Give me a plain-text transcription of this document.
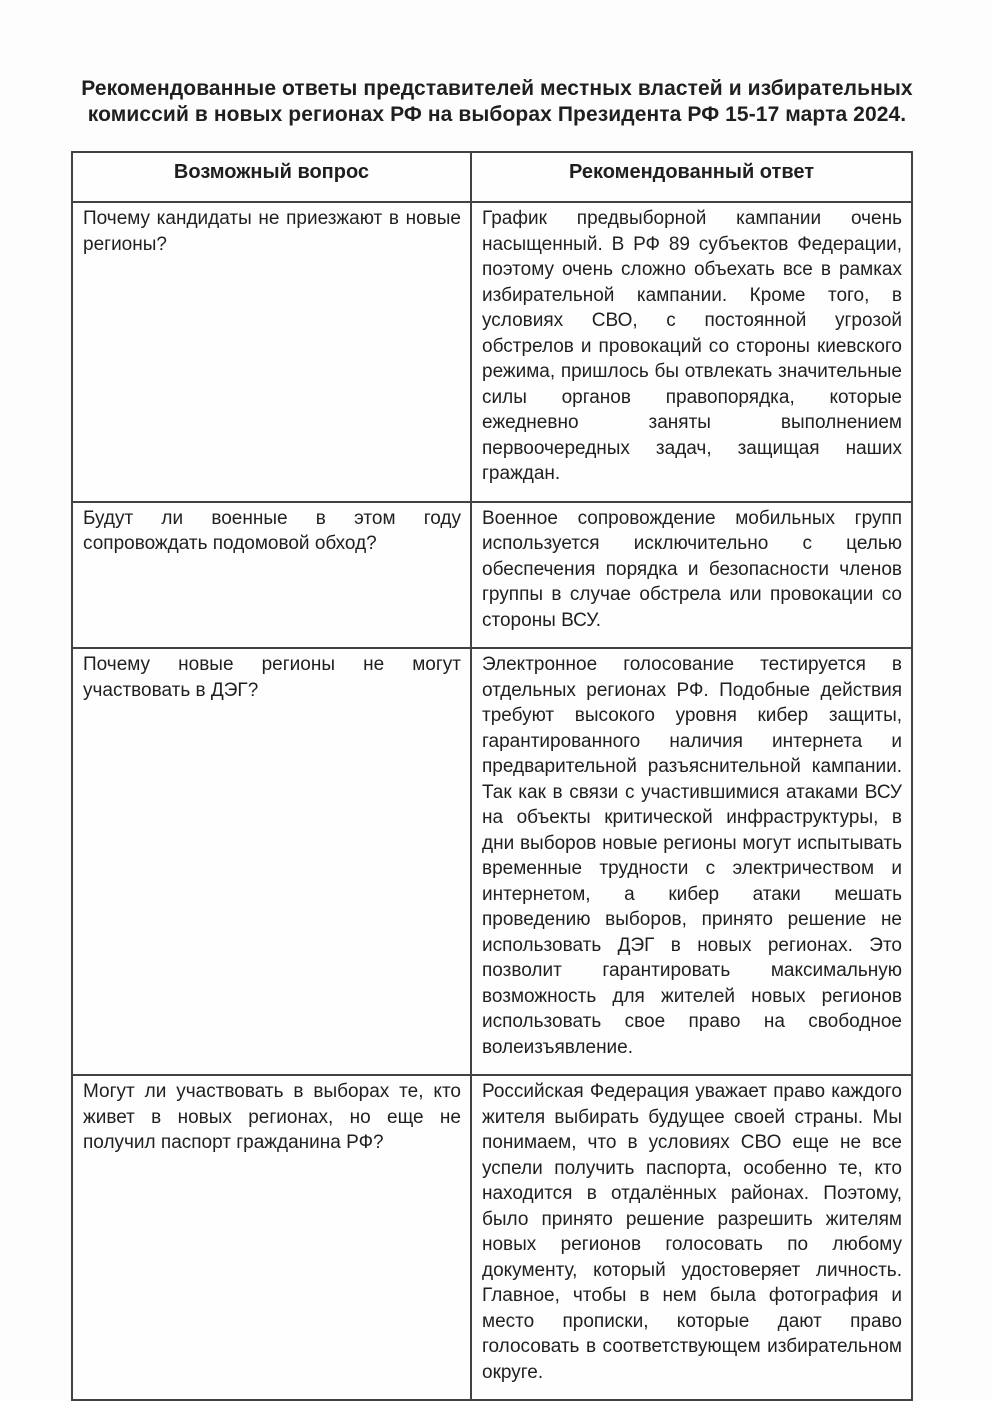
Рекомендованные ответы представителей местных властей и избирательных комиссий в новых регионах РФ на выборах Президента РФ 15-17 марта 2024.
Возможный вопрос	Рекомендованный ответ
Почему кандидаты не приезжают в новые регионы?	График предвыборной кампании очень насыщенный. В РФ 89 субъектов Федерации, поэтому очень сложно объехать все в рамках избирательной кампании. Кроме того, в условиях СВО, с постоянной угрозой обстрелов и провокаций со стороны киевского режима, пришлось бы отвлекать значительные силы органов правопорядка, которые ежедневно заняты выполнением первоочередных задач, защищая наших граждан.
Будут ли военные в этом году сопровождать подомовой обход?	Военное сопровождение мобильных групп используется исключительно с целью обеспечения порядка и безопасности членов группы в случае обстрела или провокации со стороны ВСУ.
Почему новые регионы не могут участвовать в ДЭГ?	Электронное голосование тестируется в отдельных регионах РФ. Подобные действия требуют высокого уровня кибер защиты, гарантированного наличия интернета и предварительной разъяснительной кампании. Так как в связи с участившимися атаками ВСУ на объекты критической инфраструктуры, в дни выборов новые регионы могут испытывать временные трудности с электричеством и интернетом, а кибер атаки мешать проведению выборов, принято решение не использовать ДЭГ в новых регионах. Это позволит гарантировать максимальную возможность для жителей новых регионов использовать свое право на свободное волеизъявление.
Могут ли участвовать в выборах те, кто живет в новых регионах, но еще не получил паспорт гражданина РФ?	Российская Федерация уважает право каждого жителя выбирать будущее своей страны. Мы понимаем, что в условиях СВО еще не все успели получить паспорта, особенно те, кто находится в отдалённых районах. Поэтому, было принято решение разрешить жителям новых регионов голосовать по любому документу, который удостоверяет личность. Главное, чтобы в нем была фотография и место прописки, которые дают право голосовать в соответствующем избирательном округе.
